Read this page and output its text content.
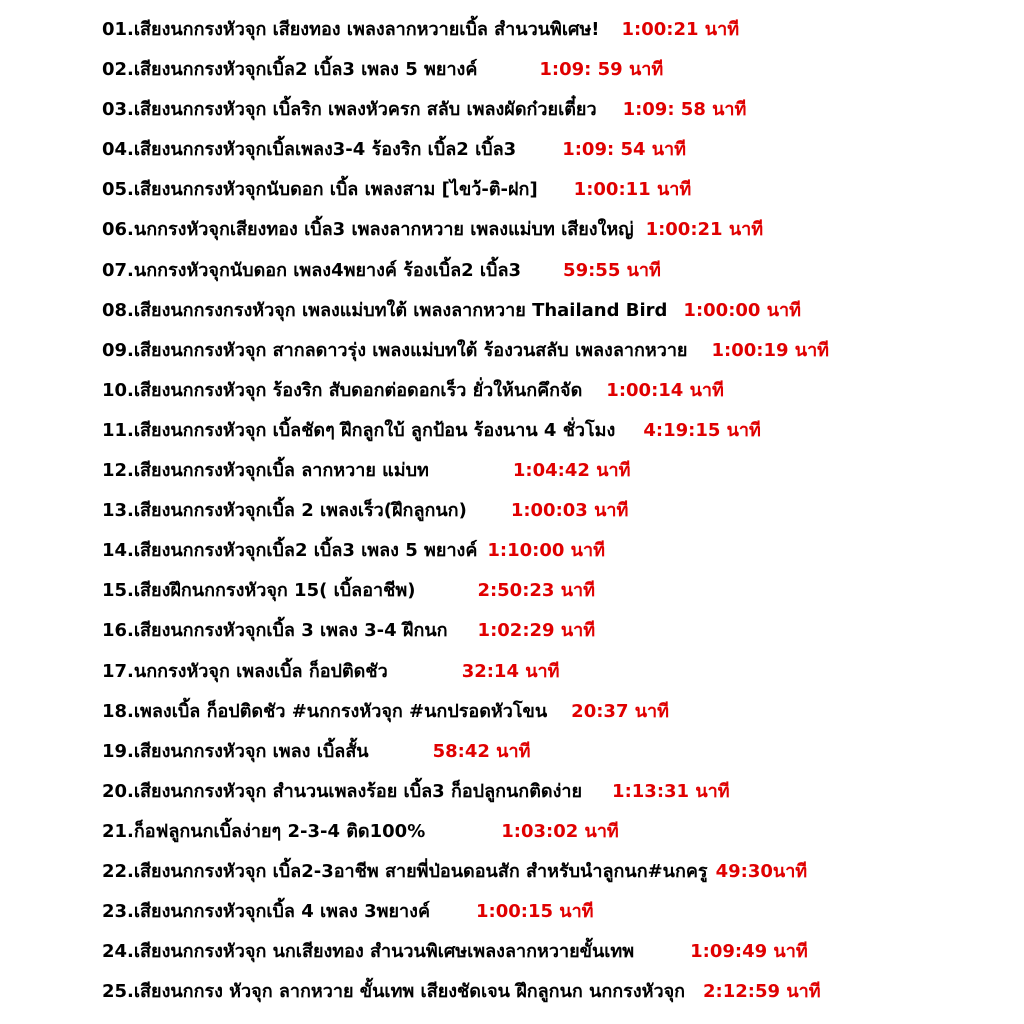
01.เสียงนกกรงหัวจุก เสียงทอง เพลงลากหวายเบิ้ล สำนวนพิเศษ! 1:00:21 นาที
02.เสียงนกกรงหัวจุกเบิ้ล2 เบิ้ล3 เพลง 5 พยางค์	1:09: 59 นาที
03.เสียงนกกรงหัวจุก เบิ้ลริก เพลงหัวครก สลับ เพลงผัดก๋วยเตี๋ยว 1:09: 58 นาที
04.เสียงนกกรงหัวจุกเบิ้ลเพลง3-4 ร้องริก เบิ้ล2 เบิ้ล3	1:09: 54 นาที
05.เสียงนกกรงหัวจุกนับดอก เบิ้ล เพลงสาม [ไขว้-ติ-ฝก] 1:00:11 นาที
06.นกกรงหัวจุกเสียงทอง เบิ้ล3 เพลงลากหวาย เพลงแม่บท เสียงใหญ่ 1:00:21 นาที
07.นกกรงหัวจุกนับดอก เพลง4พยางค์ ร้องเบิ้ล2 เบิ้ล3 59:55 นาที
08.เสียงนกกรงกรงหัวจุก เพลงแม่บทใต้ เพลงลากหวาย Thailand Bird 1:00:00 นาที
09.เสียงนกกรงหัวจุก สากลดาวรุ่ง เพลงแม่บทใต้ ร้องวนสลับ เพลงลากหวาย 1:00:19 นาที
10.เสียงนกกรงหัวจุก ร้องริก สับดอกต่อดอกเร็ว ยั่วให้นกคึกจัด 1:00:14 นาที
11.เสียงนกกรงหัวจุก เบิ้ลชัดๆ ฝึกลูกใบ้ ลูกป้อน ร้องนาน 4 ชั่วโมง 4:19:15 นาที
12.เสียงนกกรงหัวจุกเบิ้ล ลากหวาย แม่บท	1:04:42 นาที
13.เสียงนกกรงหัวจุกเบิ้ล 2 เพลงเร็ว(ฝึกลูกนก) 1:00:03 นาที
14.เสียงนกกรงหัวจุกเบิ้ล2 เบิ้ล3 เพลง 5 พยางค์ 1:10:00 นาที
15.เสียงฝึกนกกรงหัวจุก 15( เบิ้ลอาชีพ)	2:50:23 นาที
16.เสียงนกกรงหัวจุกเบิ้ล 3 เพลง 3-4 ฝึกนก 1:02:29 นาที
17.นกกรงหัวจุก เพลงเบิ้ล ก็อปติดชัว	32:14 นาที
18.เพลงเบิ้ล ก็อปติดชัว #นกกรงหัวจุก #นกปรอดหัวโขน 20:37 นาที
19.เสียงนกกรงหัวจุก เพลง เบิ้ลสั้น	58:42 นาที
20.เสียงนกกรงหัวจุก สำนวนเพลงร้อย เบิ้ล3 ก็อปลูกนกติดง่าย 1:13:31 นาที
21.ก็อฟลูกนกเบิ้ลง่ายๆ 2-3-4 ติด100%	1:03:02 นาที
22.เสียงนกกรงหัวจุก เบิ้ล2-3อาชีพ สายพี่ป่อนดอนสัก สำหรับนำลูกนก#นกครู 49:30นาที
23.เสียงนกกรงหัวจุกเบิ้ล 4 เพลง 3พยางค์	1:00:15 นาที
24.เสียงนกกรงหัวจุก นกเสียงทอง สำนวนพิเศษเพลงลากหวายขั้นเทพ	1:09:49 นาที
25.เสียงนกกรง หัวจุก ลากหวาย ขั้นเทพ เสียงชัดเจน ฝึกลูกนก นกกรงหัวจุก 2:12:59 นาที
